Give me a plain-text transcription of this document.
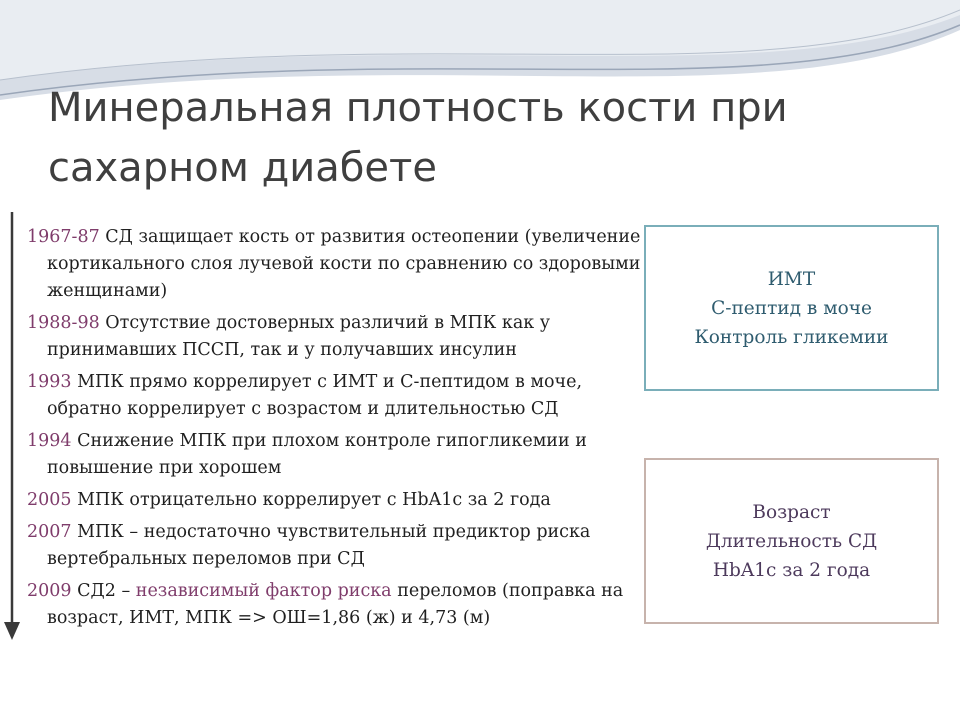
Минеральная плотность кости при
сахарном диабете

1967-87 СД защищает кость от развития остеопении (увеличение кортикального слоя лучевой кости по сравнению со здоровыми женщинами)

1988-98 Отсутствие достоверных различий в МПК как у принимавших ПССП, так и у получавших инсулин

1993 МПК прямо коррелирует с ИМТ и С-пептидом в моче, обратно коррелирует с возрастом и длительностью СД

1994 Снижение МПК при плохом контроле гипогликемии и повышение при хорошем

2005 МПК отрицательно коррелирует с HbA1c за 2 года

2007 МПК – недостаточно чувствительный предиктор риска вертебральных переломов при СД

2009 СД2 – независимый фактор риска переломов (поправка на возраст, ИМТ, МПК => ОШ=1,86 (ж) и 4,73 (м)

ИМТ
С-пептид в моче
Контроль гликемии
Возраст
Длительность СД
HbA1c за 2 года
